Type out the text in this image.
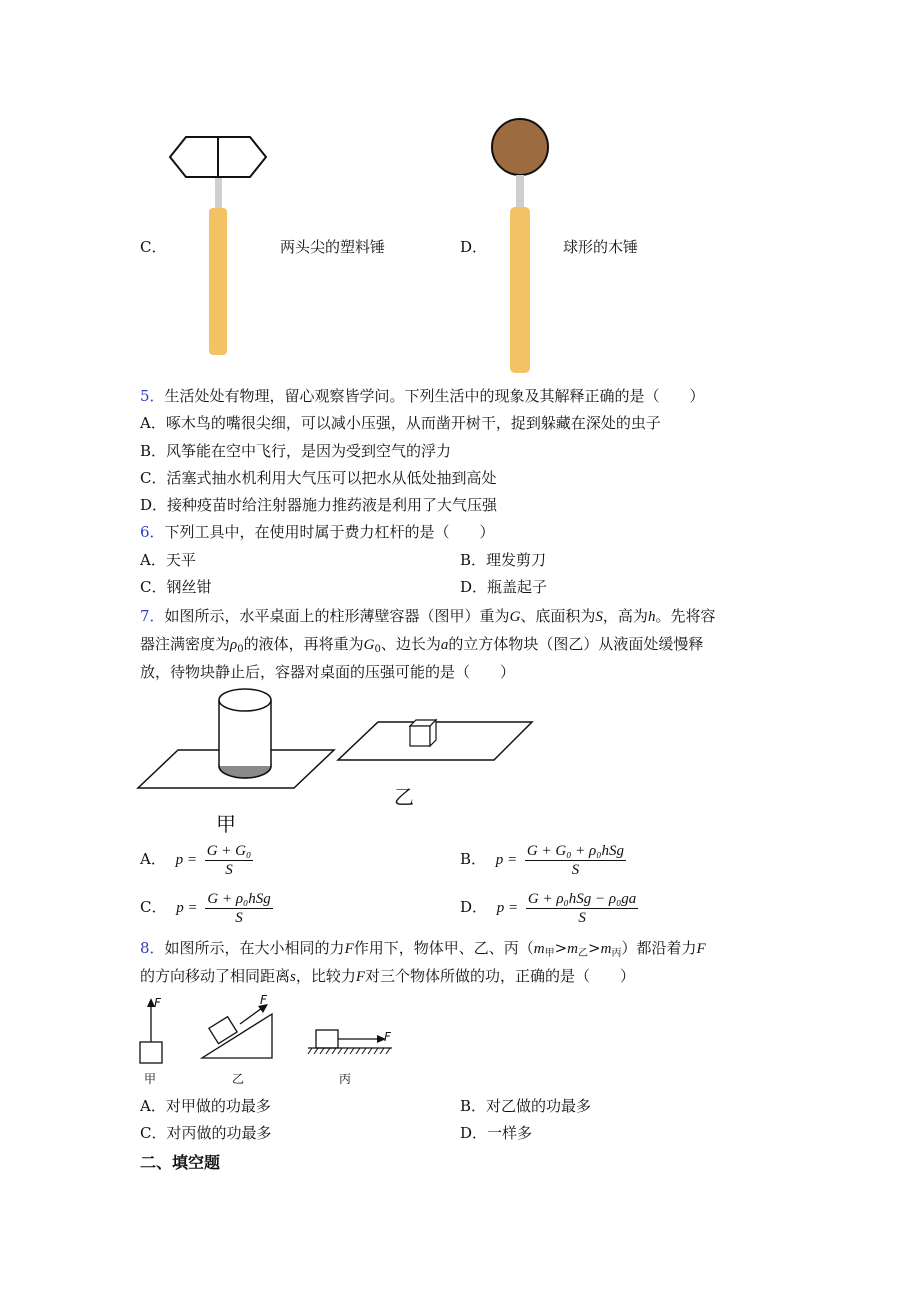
C．	两头尖的塑料锤	D．	球形的木锤
5．生活处处有物理，留心观察皆学问。下列生活中的现象及其解释正确的是（　　）
A．啄木鸟的嘴很尖细，可以减小压强，从而凿开树干，捉到躲藏在深处的虫子
B．风筝能在空中飞行，是因为受到空气的浮力
C．活塞式抽水机利用大气压可以把水从低处抽到高处
D．接种疫苗时给注射器施力推药液是利用了大气压强
6．下列工具中，在使用时属于费力杠杆的是（　　）
A．天平	B．理发剪刀
C．钢丝钳	D．瓶盖起子
7．如图所示，水平桌面上的柱形薄壁容器（图甲）重为G、底面积为S，高为h。先将容
器注满密度为$\rho_0$的液体，再将重为$G_0$、边长为a的立方体物块（图乙）从液面处缓慢释
放，待物块静止后，容器对桌面的压强可能的是（　　）
甲
乙
A． $p = \frac{\text{G + G₀}}{S}$	B． $p = \frac{\text{G + G₀ + ρ₀hSg}}{S}$
C． $p = \frac{\text{G + ρ₀hSg}}{S}$	D． $p = \frac{\text{G + ρ₀hSg − ρ₀ga}}{S}$
8．如图所示，在大小相同的力F作用下，物体甲、乙、丙$(m_甲>m_乙>m_丙)$都沿着力F
的方向移动了相同距离s，比较力F对三个物体所做的功，正确的是（　　）
F	F
F
甲	乙	丙
A．对甲做的功最多	B．对乙做的功最多
C．对丙做的功最多	D．一样多
二、填空题
